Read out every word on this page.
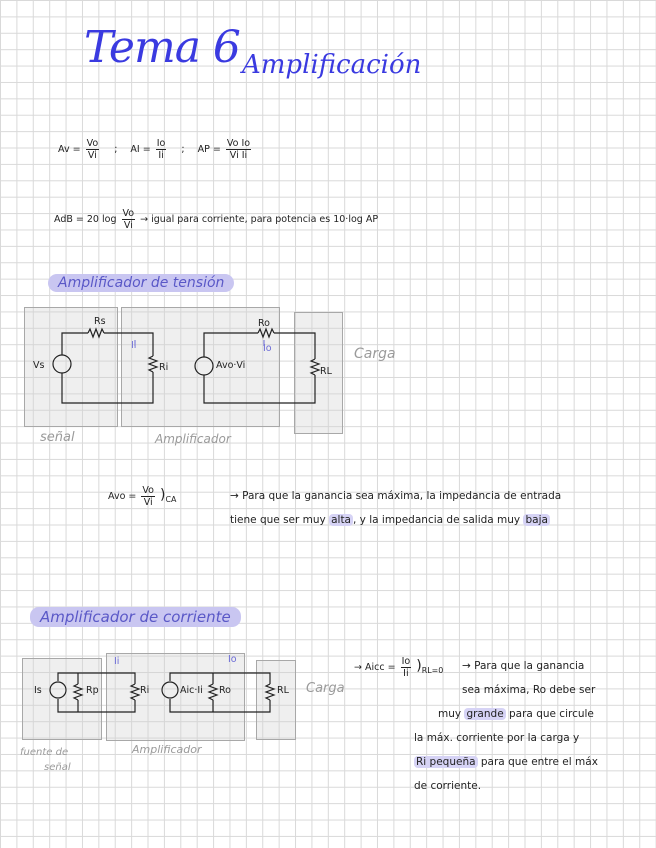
Tema 6 Amplificación
$Av = \frac{Vo}{Vi}$ ; AI = $\frac{Io}{Ii}$ ; AP = $\frac{\text{Vo Io}}{\text{Vi Ii}}$
AdB = 20 $\log \frac{Vo}{Vi}$ → igual para corriente, para potencia es 10·log AP
Amplificador de tensión
Vs
Rs
Ii
Ri
Ro
Io
Avo·Vi
RL
Carga
señal	Amplificador
Avo = $\frac{Vo}{Vi} )_{CA}$	→ Para que la ganancia sea máxima, la impedancia de entrada
tiene que ser muy alta , y la impedancia de salida muy baja
Amplificador de corriente
Is	Rp
Ii
Ri	Aic·Ii Ro
Io
RL Carga
fuente de
señal
Amplificador
→ Aicc = $\frac{Io}{Ii} )_{RL=0}$ → Para que la ganancia
sea máxima, Ro debe ser
muy grande para que circule
la máx. corriente por la carga y
Ri pequeña para que entre el máx
de corriente.
